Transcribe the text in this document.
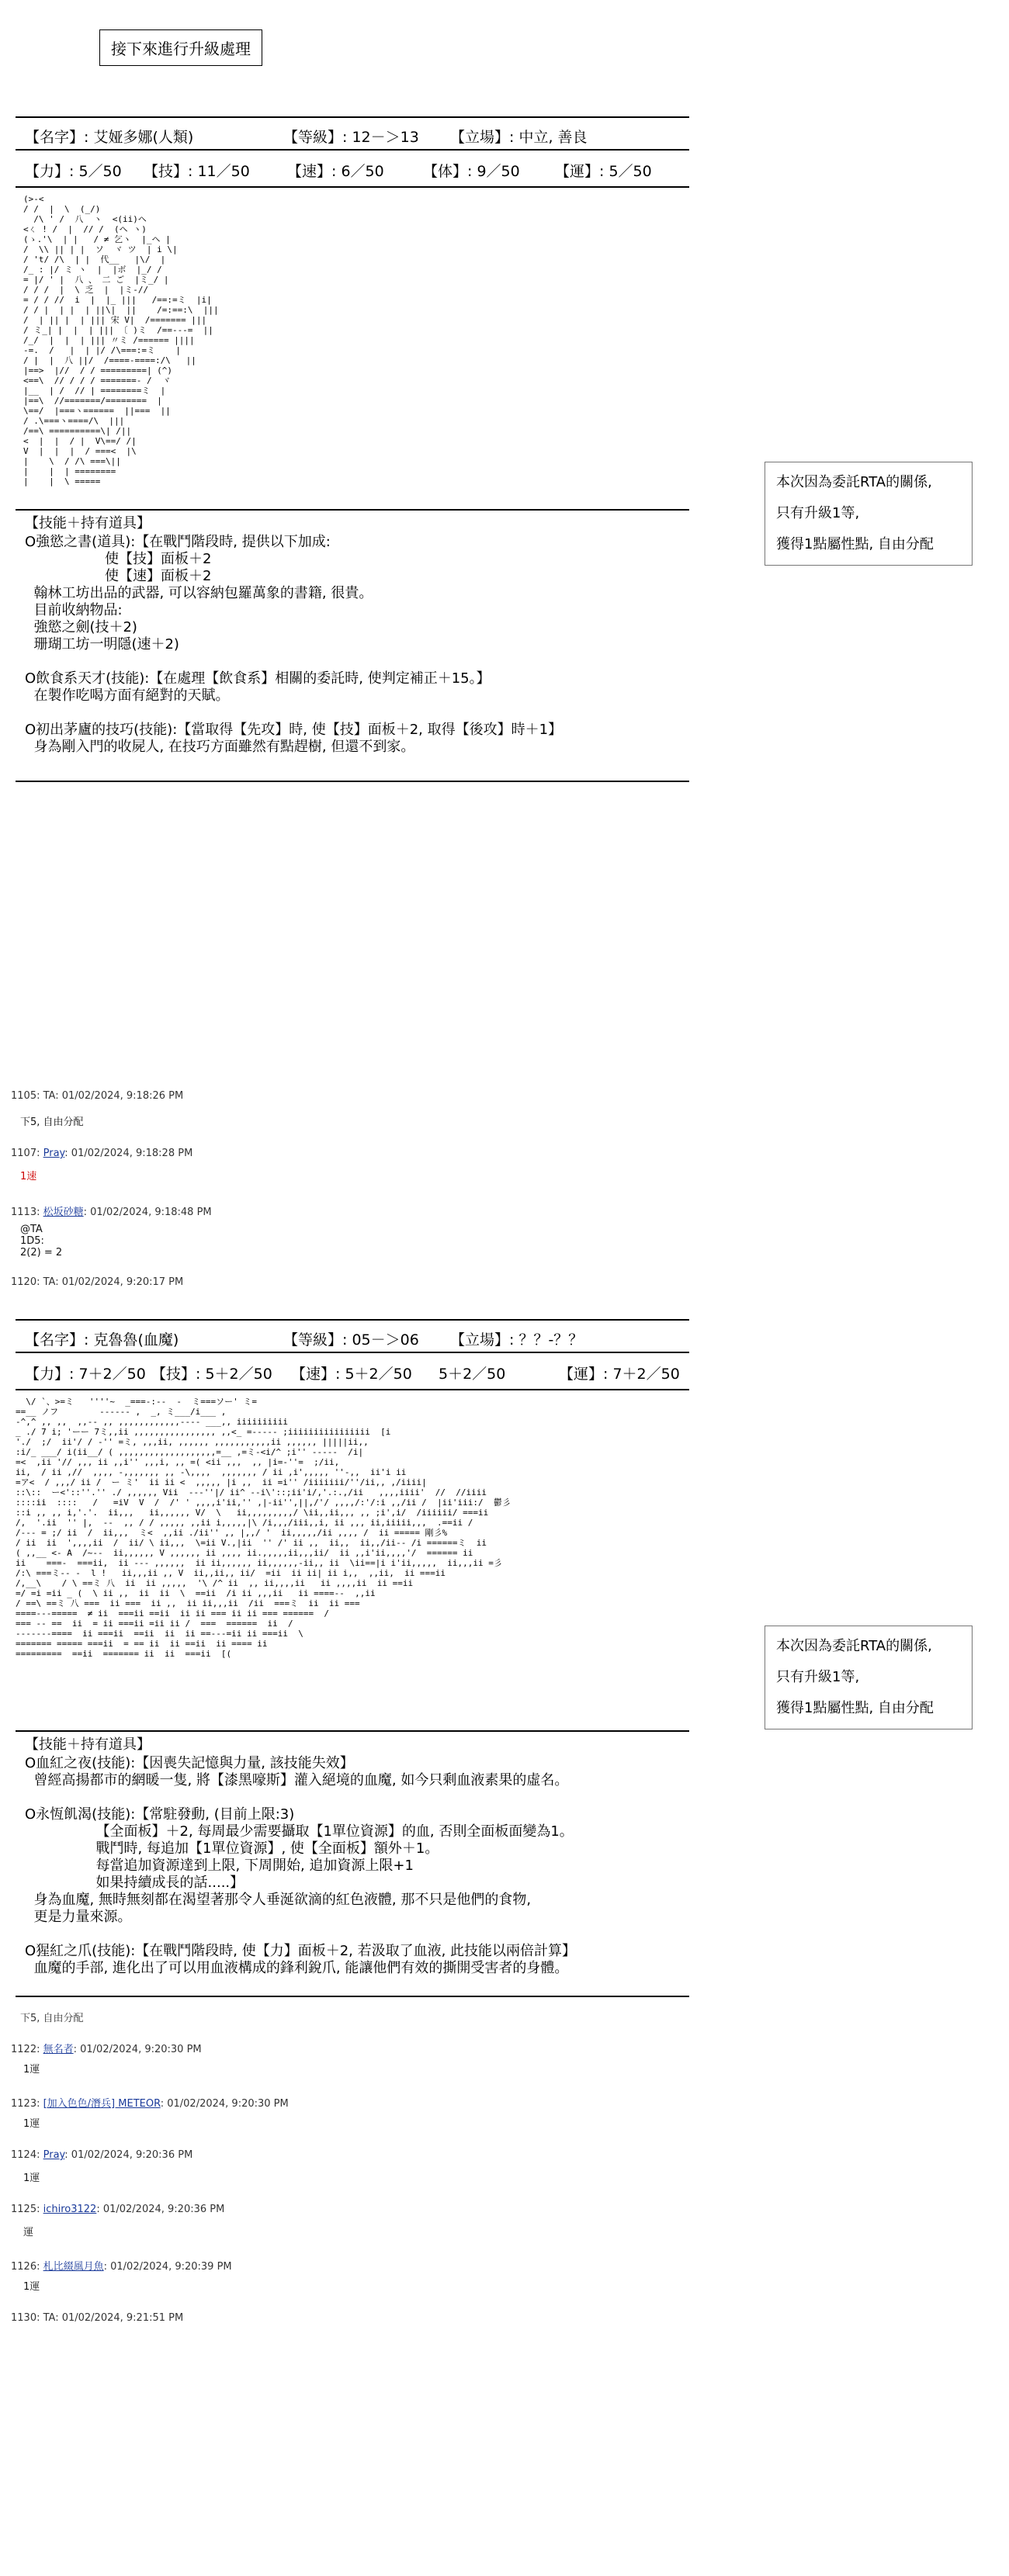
接下來進行升級處理
【名字】: 艾娅多娜(人類)	【等級】: 12－＞13 【立場】: 中立, 善良
【力】: 5／50 【技】: 11／50	【速】: 6／50	【体】: 9／50 【運】: 5／50
(>-<
/ /  |  \  (_/)
/\ ' /  八  ヽ  <(ii)ヘ
<ㄑ ! /  |  // /  (ヘ ヽ)
(ゝ.'\  | |   / ≠ 乞ヽ  |_ヘ |
/  \\ || | |  ソ  ヾ ツ  | i \|
/ 't/ /\  | |  代__   |\/  |
/_ : |/ ミ ヽ  |  |ボ  |_/ /
= |/ ' |  八 、 二 ご  |ミ_/ |
/ / /  |  \ 乏  |  |ミ-//
= / / //  i  |  |_ |||   /==:=ミ  |i|
/ / |  | |  | ||\|  ||    /=:==:\  |||
/  | || |  | ||| 宋 V|  /======= |||
/ ミ_| |  |  | ||| 〔 )ミ  /==---=  ||
/_/  |  |  | ||| 〃ミ /====== ||||
-=.  /   |  | |/ /\===:=ミ    |
/ |  |  八 ||/  /====-====:/\   ||
|==>  |//  / / =========| (^)
<==\  // / / / =======- /  ヾ
|__  | /  // | ========ミ  |
|==\  //=======/========  |
\==/  |===ヽ======  ||===  ||
/ .\===ヽ====/\  |||
/==\ ==========\| /||
<  |  |  / |  V\==/ /|
V  |  |  |  / ===<  |\
|    \  / /\ ===\||
|    |  | ========
|    |  \ =====
【技能＋持有道具】
O強慾之書(道具):【在戰鬥階段時, 提供以下加成:
使【技】面板＋2
使【速】面板＋2
翰林工坊出品的武器, 可以容納包羅萬象的書籍, 很貴。
目前收納物品:
強慾之劍(技＋2)
珊瑚工坊一明隱(速＋2)

O飲食系天才(技能):【在處理【飲食系】相關的委託時, 使判定補正＋15。】
在製作吃喝方面有絕對的天賦。

O初出茅廬的技巧(技能):【當取得【先攻】時, 使【技】面板＋2, 取得【後攻】時＋1】
身為剛入門的收屍人, 在技巧方面雖然有點趕樹, 但還不到家。
本次因為委託RTA的關係,
只有升級1等,
獲得1點屬性點, 自由分配
1105: TA: 01/02/2024, 9:18:26 PM
下5, 自由分配
1107: Pray: 01/02/2024, 9:18:28 PM
1速
1113: 松坂砂糖: 01/02/2024, 9:18:48 PM
@TA
1D5:
2(2) = 2
1120: TA: 01/02/2024, 9:20:17 PM
【名字】: 克魯魯(血魔)	【等級】: 05－＞06 【立場】: ？？-？？
【力】: 7＋2／50 【技】: 5＋2／50 【速】: 5＋2／50 5＋2／50	【運】: 7＋2／50
\/ `、>=ミ   ''''~  _===-:--  -  ミ===ソー' ミ=
==__ ノフ        ------ ,  _, ミ___/i___ ,
-^,^ ,, ,,  ,,-- ,, ,,,,,,,,,,,,---- ___,, iiiiiiiiii
_ ./ 7 i; 'ーー 7ミ,,ii ,,,,,,,,,,,,,,,, ,,<_ =----- ;iiiiiiiiiiiiiiii  [i
'./  ;/  ii'/ / -'' =ミ, ,,,ii, ,,,,,, ,,,,,,,,,,,ii ,,,,,, |||||ii,,
:i/_ ___/ i(ii__/ ( ,,,,,,,,,,,,,,,,,,,=__ ,=ミ-<i/^ ;i'' -----  /i|
=<  ,ii '// ,,, ii ,,i'' ,,,i, ,, =( <ii ,,,  ,, |i=-''=  ;/ii,
ii,  / ii ,//  ,,,, -,,,,,,, ,, -\,,,,  ,,,,,,, / ii ,i',,,,, ''-,,  ii'i ii
=ア<  / ,,,/ ii /  ー ミ'  ii ii <  ,,,,, |i ,,  ii =i'' /iiiiiii/''/ii,, ,/iiii|
::\::  ー<'::''.'' ./ ,,,,,, Vii  ---''|/ ii^ --i\'::;ii'i/,'.:.,/ii   ,,,,iiii'  //  //iiii
::::ii  ::::   /   =iV  V  /  /' ' ,,,,i'ii,'' ,|-ii'',||,/'/ ,,,,/:'/:i ,,/ii /  |ii'iii:/  鬱彡
::i ,, ,, i,'.'.  ii,,,   ii,,,,,, V/  \   ii,,,,,,,,,/ \ii,,ii,,, ,, ;i',i/  /iiiiii/ ===ii
/,  '.ii  '' |,  --  ,, / / ,,,,, ,,ii i,,,,,|\ /i,,,/iii,,i, ii ,,, ii,iiiii,,,  .==ii /
/--- = ;/ ii  /  ii,,,  ミ<  ,,ii ./ii'' ,, |,,/ '  ii,,,,,/ii ,,,, /  ii ===== 剛彡%
/ ii  ii  ',,,,ii  /  ii/ \ ii,,,  \=ii V.,|ii  '' /' ii ,,  ii,,  ii,,/ii-- /i ======ミ  ii
( ,,__ <- A  /~--  ii,,,,,, V ,,,,,, ii ,,,, ii.,,,,,ii,,,ii/  ii ,,i'ii,,,,'/  ====== ii
ii    ===-  ===ii,  ii --- ,,,,,,  ii ii,,,,,, ii,,,,,,-ii,, ii  \ii==|i i'ii,,,,,  ii,,,ii =彡
/:\ ===ミ-- -  l !   ii,,,ii ,, V  ii,,ii,, ii/  =ii  ii ii| ii i,,  ,,ii,  ii ===ii
/,__\    / \ ==ミ 八  ii  ii ,,,,,  '\ /^ ii  ,, ii,,,,ii   ii ,,,,ii  ii ==ii
=/ =i =ii _ (  \ ii ,,  ii  ii  \  ==ii  /i ii ,,,ii   ii ====--  ,,ii
/ ==\ ==ミ 八 ===  ii ===  ii ,,  ii ii,,,ii  /ii  ===ミ  ii  ii ===
====---=====  ≠ ii  ===ii ==ii  ii ii === ii ii === ======  /
=== -- ==  ii  = ii ===ii =ii ii /  ===  ======  ii  /
-------====  ii ===ii  ==ii  ii  ii ==---=ii ii ===ii  \
======= ===== ===ii  = == ii  ii ==ii  ii ==== ii
=========  ==ii  ======= ii  ii  ===ii  [(
【技能＋持有道具】
O血紅之夜(技能):【因喪失記憶與力量, 該技能失效】
曾經高揚都市的網暖一隻, 將【漆黑嚎斯】灌入絕境的血魔, 如今只剩血液素果的虛名。

O永恆飢渴(技能):【常駐發動, (目前上限:3)
【全面板】＋2, 每周最少需要攝取【1單位資源】的血, 否則全面板面變為1。
戰鬥時, 每追加【1單位資源】, 使【全面板】額外＋1。
每當追加資源達到上限, 下周開始, 追加資源上限+1
如果持續成長的話.....】
身為血魔, 無時無刻都在渴望著那令人垂涎欲滴的紅色液體, 那不只是他們的食物,
更是力量來源。

O猩紅之爪(技能):【在戰鬥階段時, 使【力】面板＋2, 若汲取了血液, 此技能以兩倍計算】
血魔的手部, 進化出了可以用血液構成的鋒利銳爪, 能讓他們有效的撕開受害者的身體。
本次因為委託RTA的關係,
只有升級1等,
獲得1點屬性點, 自由分配
下5, 自由分配
1122: 無名者: 01/02/2024, 9:20:30 PM
1運
1123: [加入色色/潛兵] METEOR: 01/02/2024, 9:20:30 PM
1運
1124: Pray: 01/02/2024, 9:20:36 PM
1運
1125: ichiro3122: 01/02/2024, 9:20:36 PM
運
1126: 札比綴風月魚: 01/02/2024, 9:20:39 PM
1運
1130: TA: 01/02/2024, 9:21:51 PM
